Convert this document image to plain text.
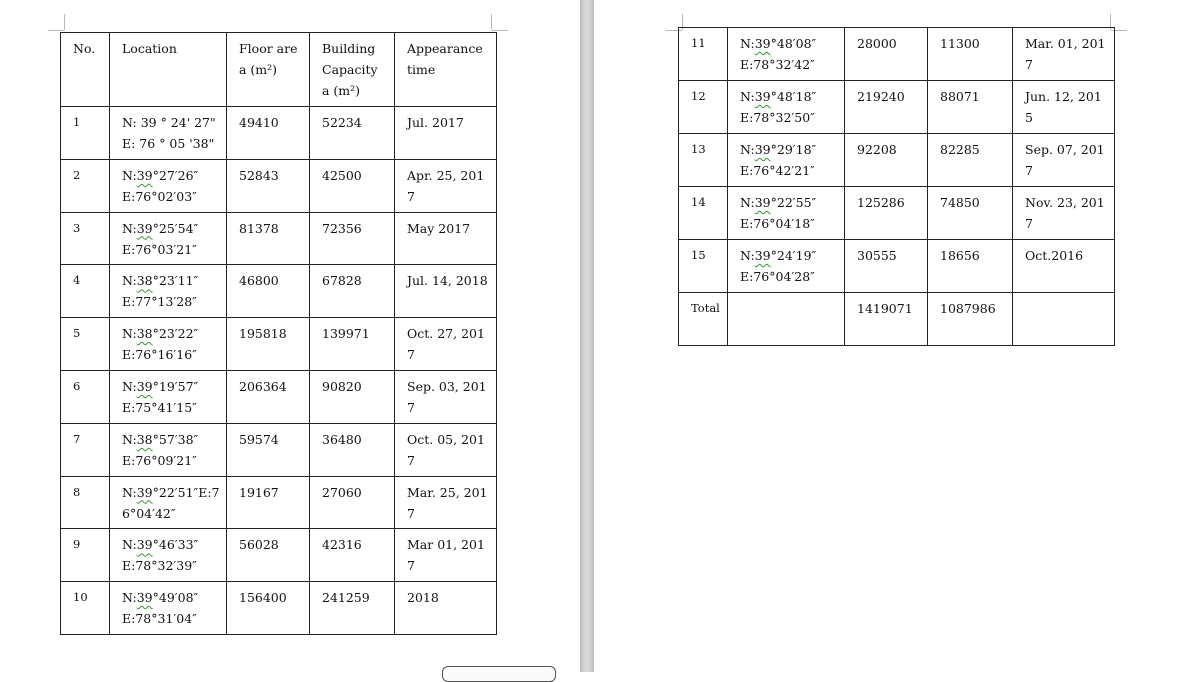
No.	Location	Floor area (m²)	Building Capacity a (m²)	Appearance time
1	N: 39 ° 24' 27"
E: 76 ° 05 '38"	49410	52234	Jul. 2017
2	N:39°27′26″
E:76°02′03″	52843	42500	Apr. 25, 2017
3	N:39°25′54″
E:76°03′21″	81378	72356	May 2017
4	N:38°23′11″
E:77°13′28″	46800	67828	Jul. 14, 2018
5	N:38°23′22″
E:76°16′16″	195818	139971	Oct. 27, 2017
6	N:39°19′57″
E:75°41′15″	206364	90820	Sep. 03, 2017
7	N:38°57′38″
E:76°09′21″	59574	36480	Oct. 05, 2017
8	N:39°22′51″E:7
6°04′42″	19167	27060	Mar. 25, 2017
9	N:39°46′33″
E:78°32′39″	56028	42316	Mar 01, 2017
10	N:39°49′08″
E:78°31′04″	156400	241259	2018
11	N:39°48′08″
E:78°32′42″	28000	11300	Mar. 01, 2017
12	N:39°48′18″
E:78°32′50″	219240	88071	Jun. 12, 2015
13	N:39°29′18″
E:76°42′21″	92208	82285	Sep. 07, 2017
14	N:39°22′55″
E:76°04′18″	125286	74850	Nov. 23, 2017
15	N:39°24′19″
E:76°04′28″	30555	18656	Oct.2016
Total		1419071	1087986	
